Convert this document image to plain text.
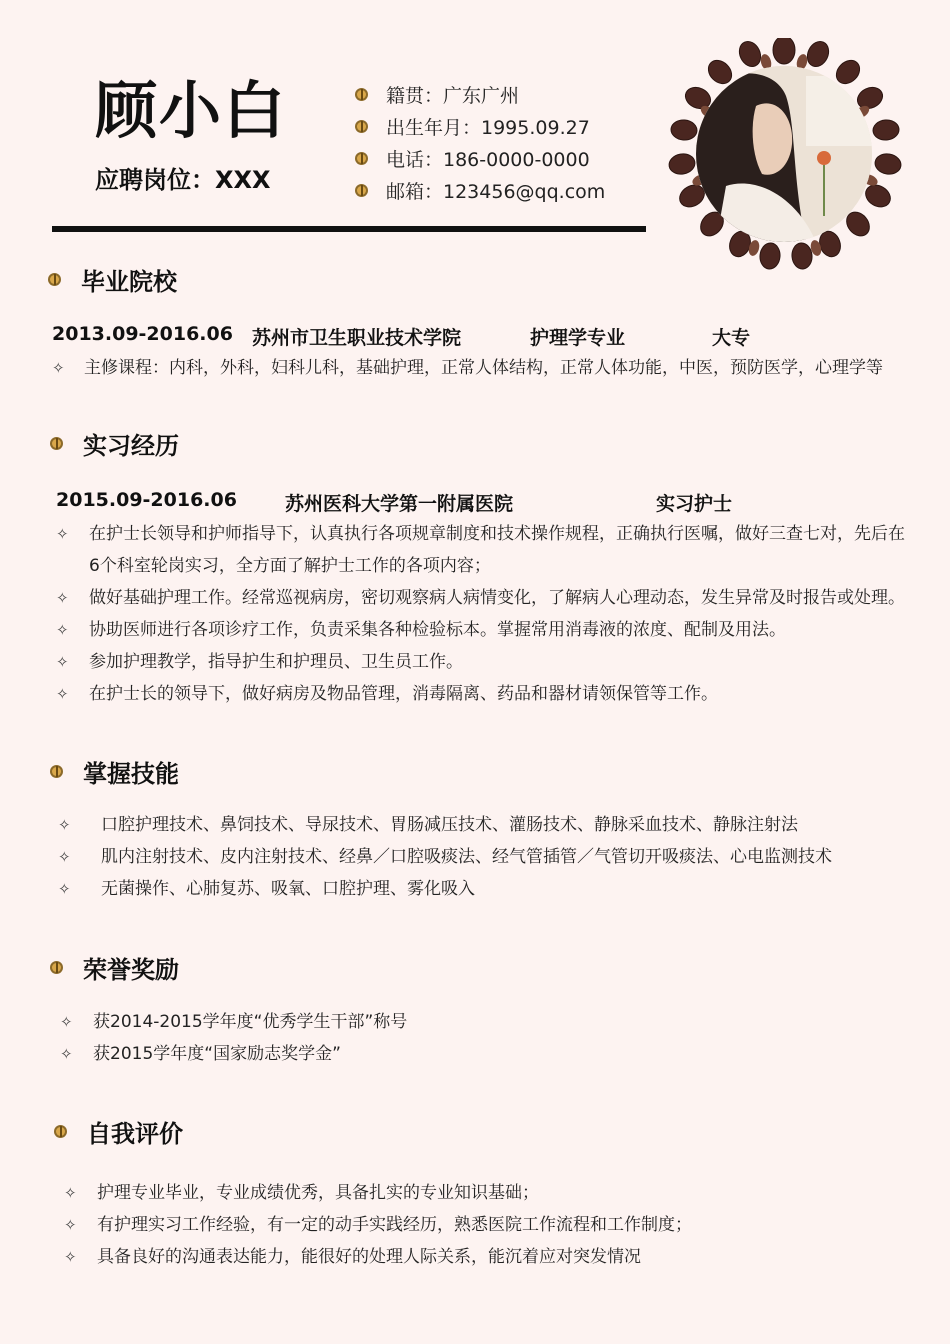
顾小白
应聘岗位：XXX
籍贯：广东广州
出生年月：1995.09.27
电话：186-0000-0000
邮箱：123456@qq.com
毕业院校
2013.09-2016.06	苏州市卫生职业技术学院	护理学专业	大专
✧	主修课程：内科，外科，妇科儿科，基础护理，正常人体结构，正常人体功能，中医，预防医学，心理学等
实习经历
2015.09-2016.06	苏州医科大学第一附属医院	实习护士
✧	在护士长领导和护师指导下，认真执行各项规章制度和技术操作规程，正确执行医嘱，做好三查七对，先后在
6个科室轮岗实习，全方面了解护士工作的各项内容；
✧	做好基础护理工作。经常巡视病房，密切观察病人病情变化，了解病人心理动态，发生异常及时报告或处理。
✧	协助医师进行各项诊疗工作，负责采集各种检验标本。掌握常用消毒液的浓度、配制及用法。
✧	参加护理教学，指导护生和护理员、卫生员工作。
✧	在护士长的领导下，做好病房及物品管理，消毒隔离、药品和器材请领保管等工作。
掌握技能
✧	口腔护理技术、鼻饲技术、导尿技术、胃肠减压技术、灌肠技术、静脉采血技术、静脉注射法
✧	肌内注射技术、皮内注射技术、经鼻／口腔吸痰法、经气管插管／气管切开吸痰法、心电监测技术
✧	无菌操作、心肺复苏、吸氧、口腔护理、雾化吸入
荣誉奖励
✧	获2014-2015学年度“优秀学生干部”称号
✧	获2015学年度“国家励志奖学金”
自我评价
✧	护理专业毕业，专业成绩优秀，具备扎实的专业知识基础；
✧	有护理实习工作经验，有一定的动手实践经历，熟悉医院工作流程和工作制度；
✧	具备良好的沟通表达能力，能很好的处理人际关系，能沉着应对突发情况
